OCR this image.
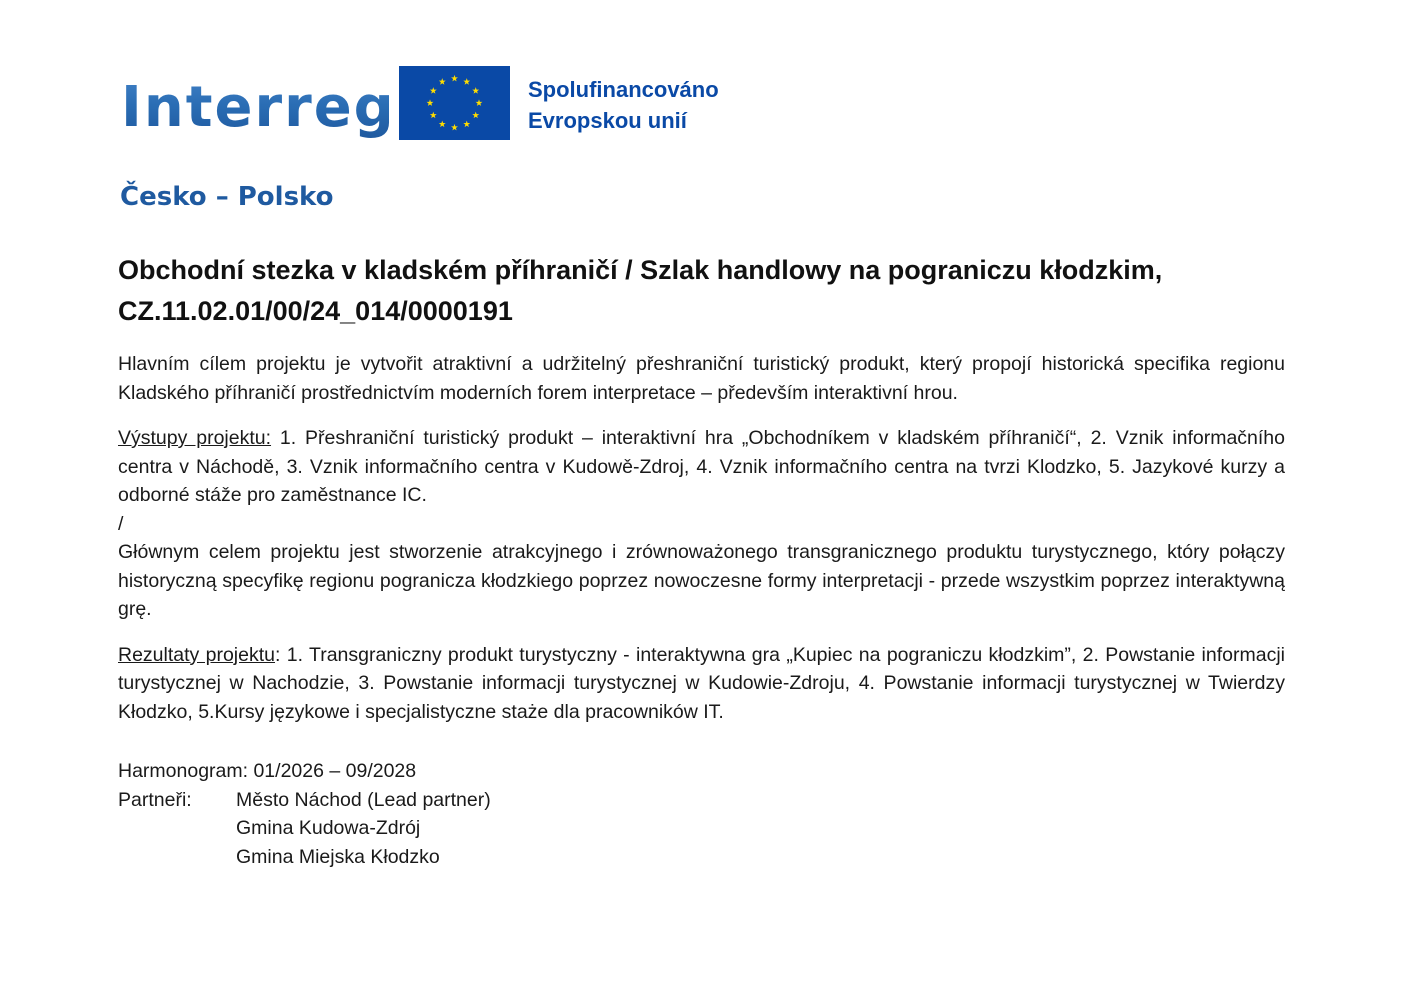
Interreg	Spolufinancováno
Evropskou unií
Česko – Polsko
Obchodní stezka v kladském příhraničí / Szlak handlowy na pograniczu kłodzkim,
CZ.11.02.01/00/24_014/0000191

Hlavním cílem projektu je vytvořit atraktivní a udržitelný přeshraniční turistický produkt, který propojí historická specifika regionu Kladského příhraničí prostřednictvím moderních forem interpretace – především interaktivní hrou.

Výstupy projektu: 1. Přeshraniční turistický produkt – interaktivní hra „Obchodníkem v kladském příhraničí“, 2. Vznik informačního centra v Náchodě, 3. Vznik informačního centra v Kudowě-Zdroj, 4. Vznik informačního centra na tvrzi Klodzko, 5. Jazykové kurzy a odborné stáže pro zaměstnance IC.

/

Głównym celem projektu jest stworzenie atrakcyjnego i zrównoważonego transgranicznego produktu turystycznego, który połączy historyczną specyfikę regionu pogranicza kłodzkiego poprzez nowoczesne formy interpretacji - przede wszystkim poprzez interaktywną grę.

Rezultaty projektu: 1. Transgraniczny produkt turystyczny - interaktywna gra „Kupiec na pograniczu kłodzkim”, 2. Powstanie informacji turystycznej w Nachodzie, 3. Powstanie informacji turystycznej w Kudowie-Zdroju, 4. Powstanie informacji turystycznej w Twierdzy Kłodzko, 5.Kursy językowe i specjalistyczne staże dla pracowników IT.

Harmonogram: 01/2026 – 09/2028
Partneři:	Město Náchod (Lead partner)
Gmina Kudowa-Zdrój
Gmina Miejska Kłodzko
